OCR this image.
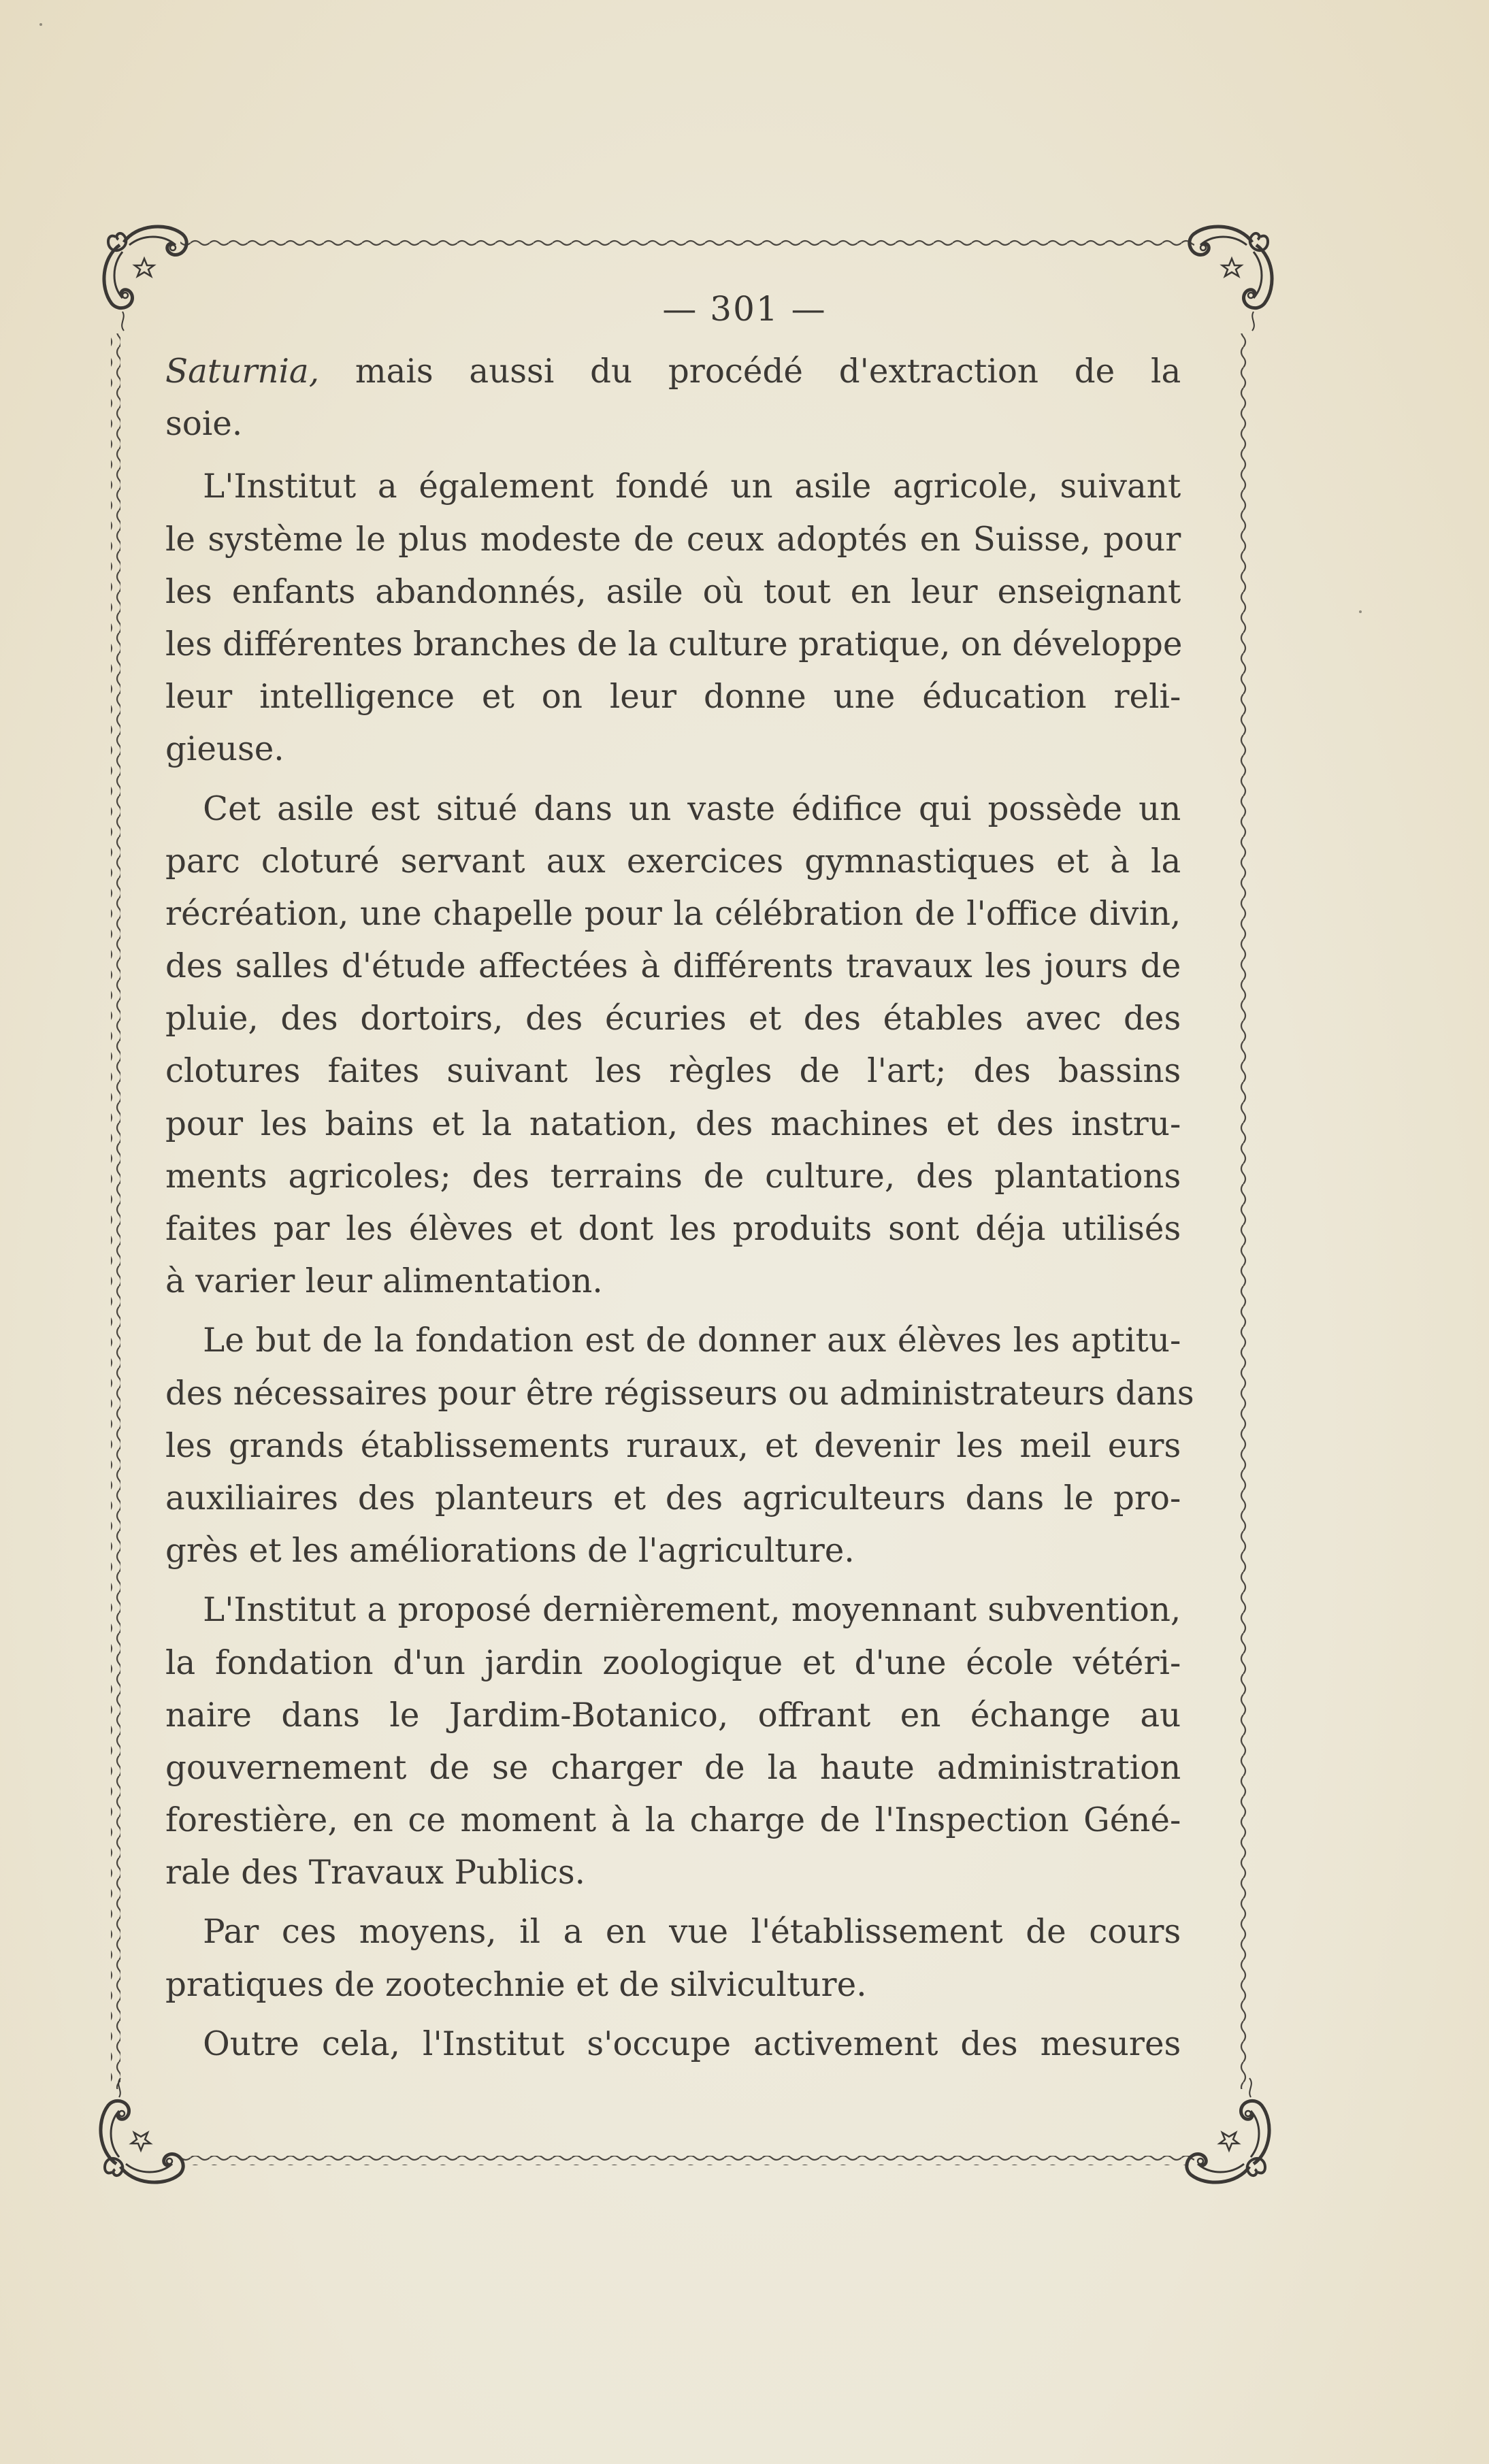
— 301 —
Saturnia, mais aussi du procédé d'extraction de la
soie.
L'Institut a également fondé un asile agricole, suivant
le système le plus modeste de ceux adoptés en Suisse, pour
les enfants abandonnés, asile où tout en leur enseignant
les différentes branches de la culture pratique, on développe
leur intelligence et on leur donne une éducation reli-
gieuse.
Cet asile est situé dans un vaste édifice qui possède un
parc cloturé servant aux exercices gymnastiques et à la
récréation, une chapelle pour la célébration de l'office divin,
des salles d'étude affectées à différents travaux les jours de
pluie, des dortoirs, des écuries et des étables avec des
clotures faites suivant les règles de l'art; des bassins
pour les bains et la natation, des machines et des instru-
ments agricoles; des terrains de culture, des plantations
faites par les élèves et dont les produits sont déja utilisés
à varier leur alimentation.
Le but de la fondation est de donner aux élèves les aptitu-
des nécessaires pour être régisseurs ou administrateurs dans
les grands établissements ruraux, et devenir les meil eurs
auxiliaires des planteurs et des agriculteurs dans le pro-
grès et les améliorations de l'agriculture.
L'Institut a proposé dernièrement, moyennant subvention,
la fondation d'un jardin zoologique et d'une école vétéri-
naire dans le Jardim-Botanico, offrant en échange au
gouvernement de se charger de la haute administration
forestière, en ce moment à la charge de l'Inspection Géné-
rale des Travaux Publics.
Par ces moyens, il a en vue l'établissement de cours
pratiques de zootechnie et de silviculture.
Outre cela, l'Institut s'occupe activement des mesures
